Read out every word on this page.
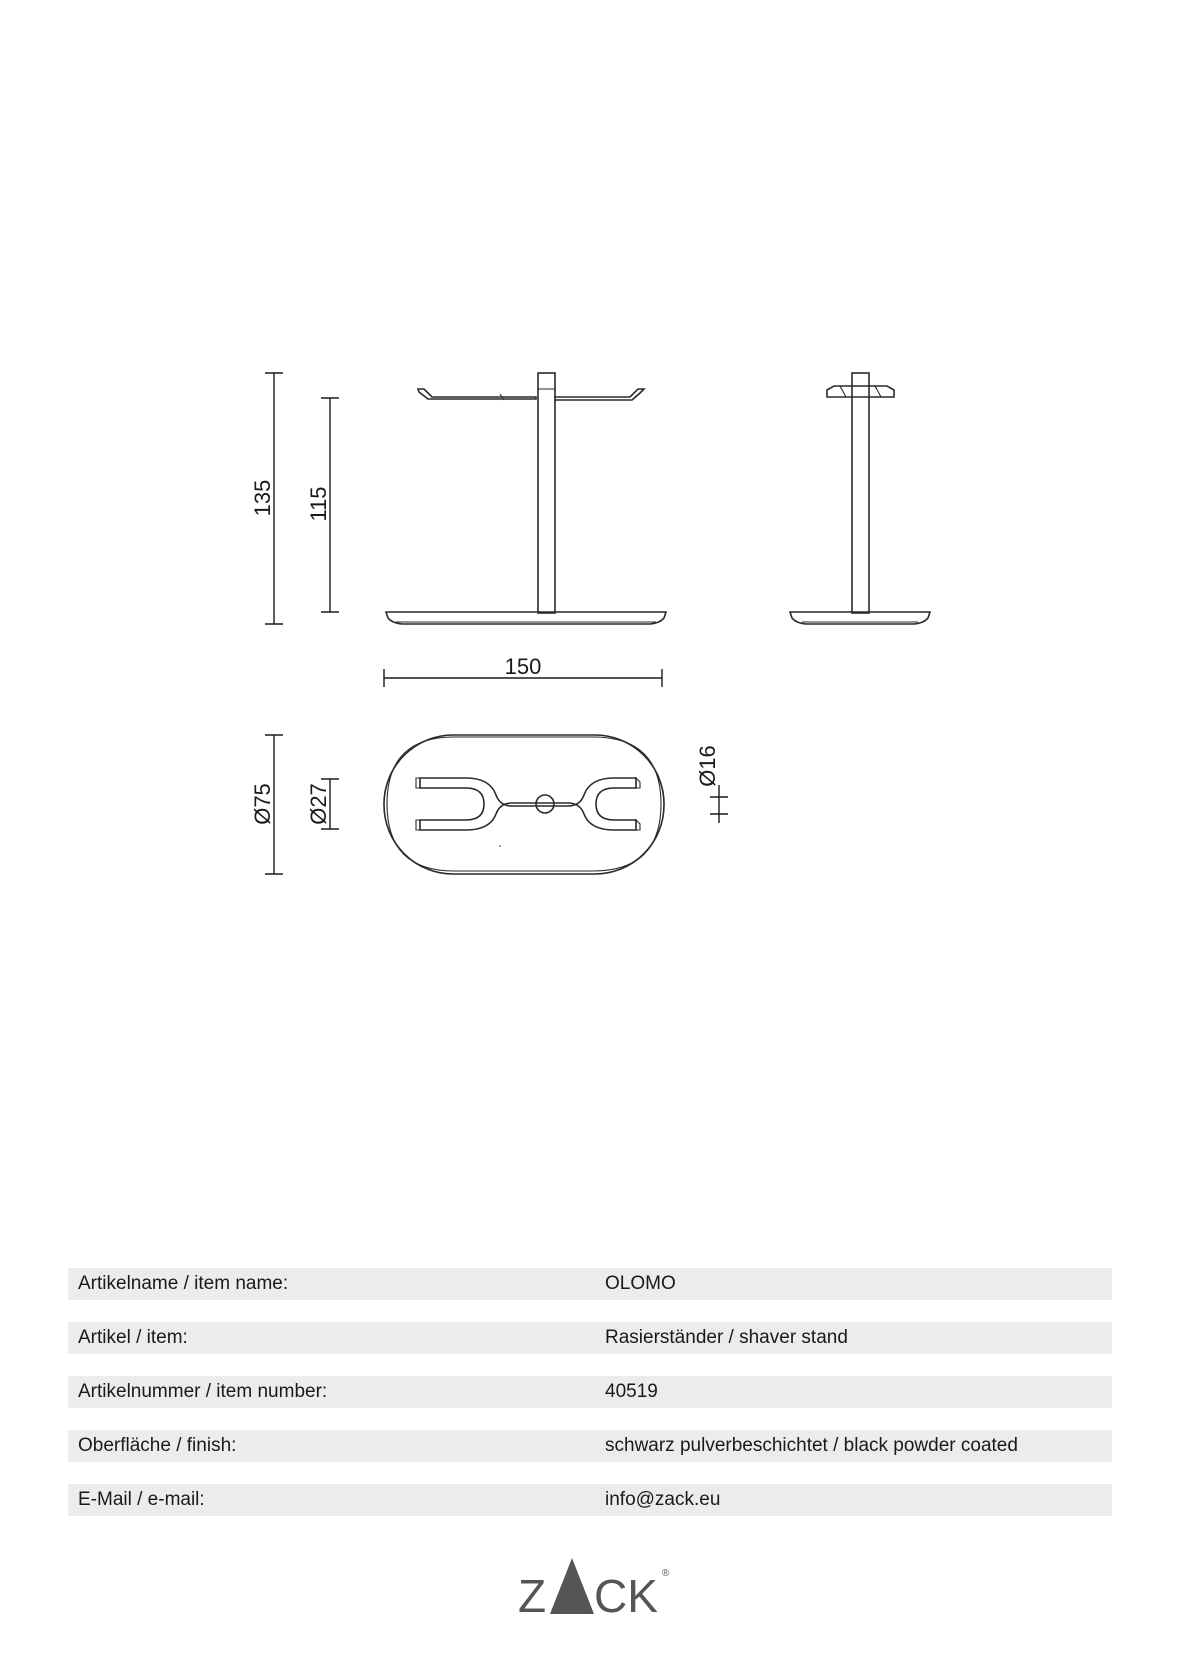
135 115
150
Ø75 Ø27
Ø16
Artikelname / item name:	OLOMO
Artikel / item:	Rasierständer / shaver stand
Artikelnummer / item number:	40519
Oberfläche / finish:	schwarz pulverbeschichtet / black powder coated
E-Mail / e-mail:	info@zack.eu
Z CK ®
